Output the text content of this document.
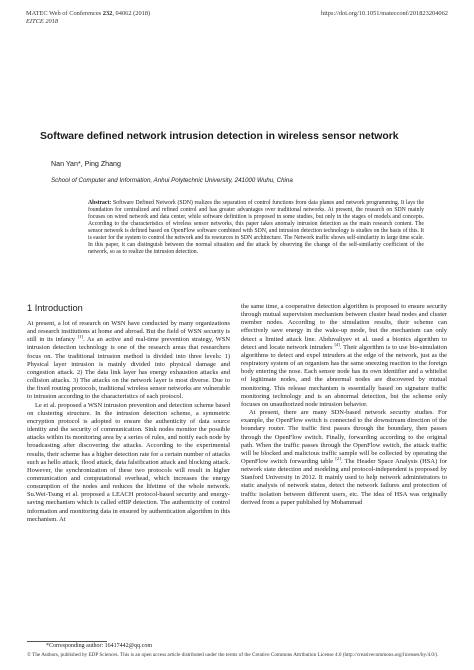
MATEC Web of Conferences 232, 04062 (2018)
EITCE 2018
https://doi.org/10.1051/matecconf/201823204062
Software defined network intrusion detection in wireless sensor network
Nan Yan*, Ping Zhang
School of Computer and Information, Anhui Polytechnic University, 241000 Wuhu, China

Abstract: Software Defined Network (SDN) realizes the separation of control functions from data planes and network programming. It lays the foundation for centralized and refined control and has greater advantages over traditional networks. At present, the research on SDN mainly focuses on wired network and data center, while software definition is proposed in some studies, but only in the stages of models and concepts. According to the characteristics of wireless sensor networks, this paper takes anomaly intrusion detection as the main research content. The sensor network is defined based on OpenFlow software combined with SDN, and intrusion detection technology is studies on the basis of this. It is easier for the system to control the network and its resources in SDN architecture. The Network traffic shows self-similarity in large time scale. In this paper, it can distinguish between the normal situation and the attack by observing the change of the self-similarity coefficient of the network, so as to realize the intrusion detection.

1 Introduction

At present, a lot of research on WSN have conducted by many organizations and research institutions at home and abroad. But the field of WSN security is still in its infancy [1]. As an active and real-time prevention strategy, WSN intrusion detection technology is one of the research areas that researchers focus on. The traditional intrusion method is divided into three levels: 1) Physical layer intrusion is mainly divided into physical damage and congestion attack. 2) The data link layer has energy exhaustion attacks and collision attacks. 3) The attacks on the network layer is most diverse. Due to the fixed routing protocols, traditional wireless sensor networks are vulnerable to intrusion according to the characteristics of each protocol.

Le et al. proposed a WSN intrusion prevention and detection scheme based on clustering structure. In the intrusion detection scheme, a symmetric encryption protocol is adopted to ensure the authenticity of data source identity and the security of communication. Sink nodes monitor the possible attacks within its monitoring area by a series of rules, and notify each node by broadcasting after discovering the attacks. According to the experimental results, their scheme has a higher detection rate for a certain number of attacks such as hello attack, flood attack, data falsification attack and blocking attack. However, the synchronization of these two protocols will result in higher communication and computational overhead, which increases the energy consumption of the nodes and reduces the lifetime of the whole network. Su.Wei-Tsung et al. proposed a LEACH protocol-based security and energy-saving mechanism which is called eHIP detection. The authenticity of control information and monitoring data in ensured by authentication algorithm in this mechanism. At

the same time, a cooperative detection algorithm is proposed to ensure security through mutual supervision mechanism between cluster head nodes and cluster member nodes. According to the simulation results, their scheme can effectively save energy in the wake-up mode, but the mechanism can only detect a limited attack line. Abduvaliyev et al. used a bionics algorithm to detect and locate network intruders [4]. Their algorithm is to use bio-simulation algorithms to detect and expel intruders at the edge of the network, just as the respiratory system of an organism has the same sneezing reaction to the foreign body entering the nose. Each sensor node has its own identifier and a whitelist of legitimate nodes, and the abnormal nodes are discovered by mutual monitoring. This release mechanism is essentially based on signature traffic monitoring technology and is an abnormal detection, but the scheme only focuses on unauthorized node intrusion behavior.

At present, there are many SDN-based network security studies. For example, the OpenFlow switch is connected to the downstream direction of the boundary router. The traffic first passes through the boundary, then passes through the OpenFlow switch. Finally, forwarding according to the original path. When the traffic passes through the OpenFlow switch, the attack traffic will be blocked and malicious traffic sample will be collected by operating the OpenFlow switch forwarding table [2]. The Header Space Analysis (HSA) for network state detection and modeling and protocol-independent is proposed by Stanford University in 2012. It mainly used to help network administrators to static analysis of network status, detect the network failures and protection of traffic isolation between different users, etc. The idea of HSA was originally derived from a paper published by Mohammad

*Corresponding author: 16417442@qq.com
© The Authors, published by EDP Sciences. This is an open access article distributed under the terms of the Creative Commons Attribution License 4.0 (http://creativecommons.org/licenses/by/4.0/).
